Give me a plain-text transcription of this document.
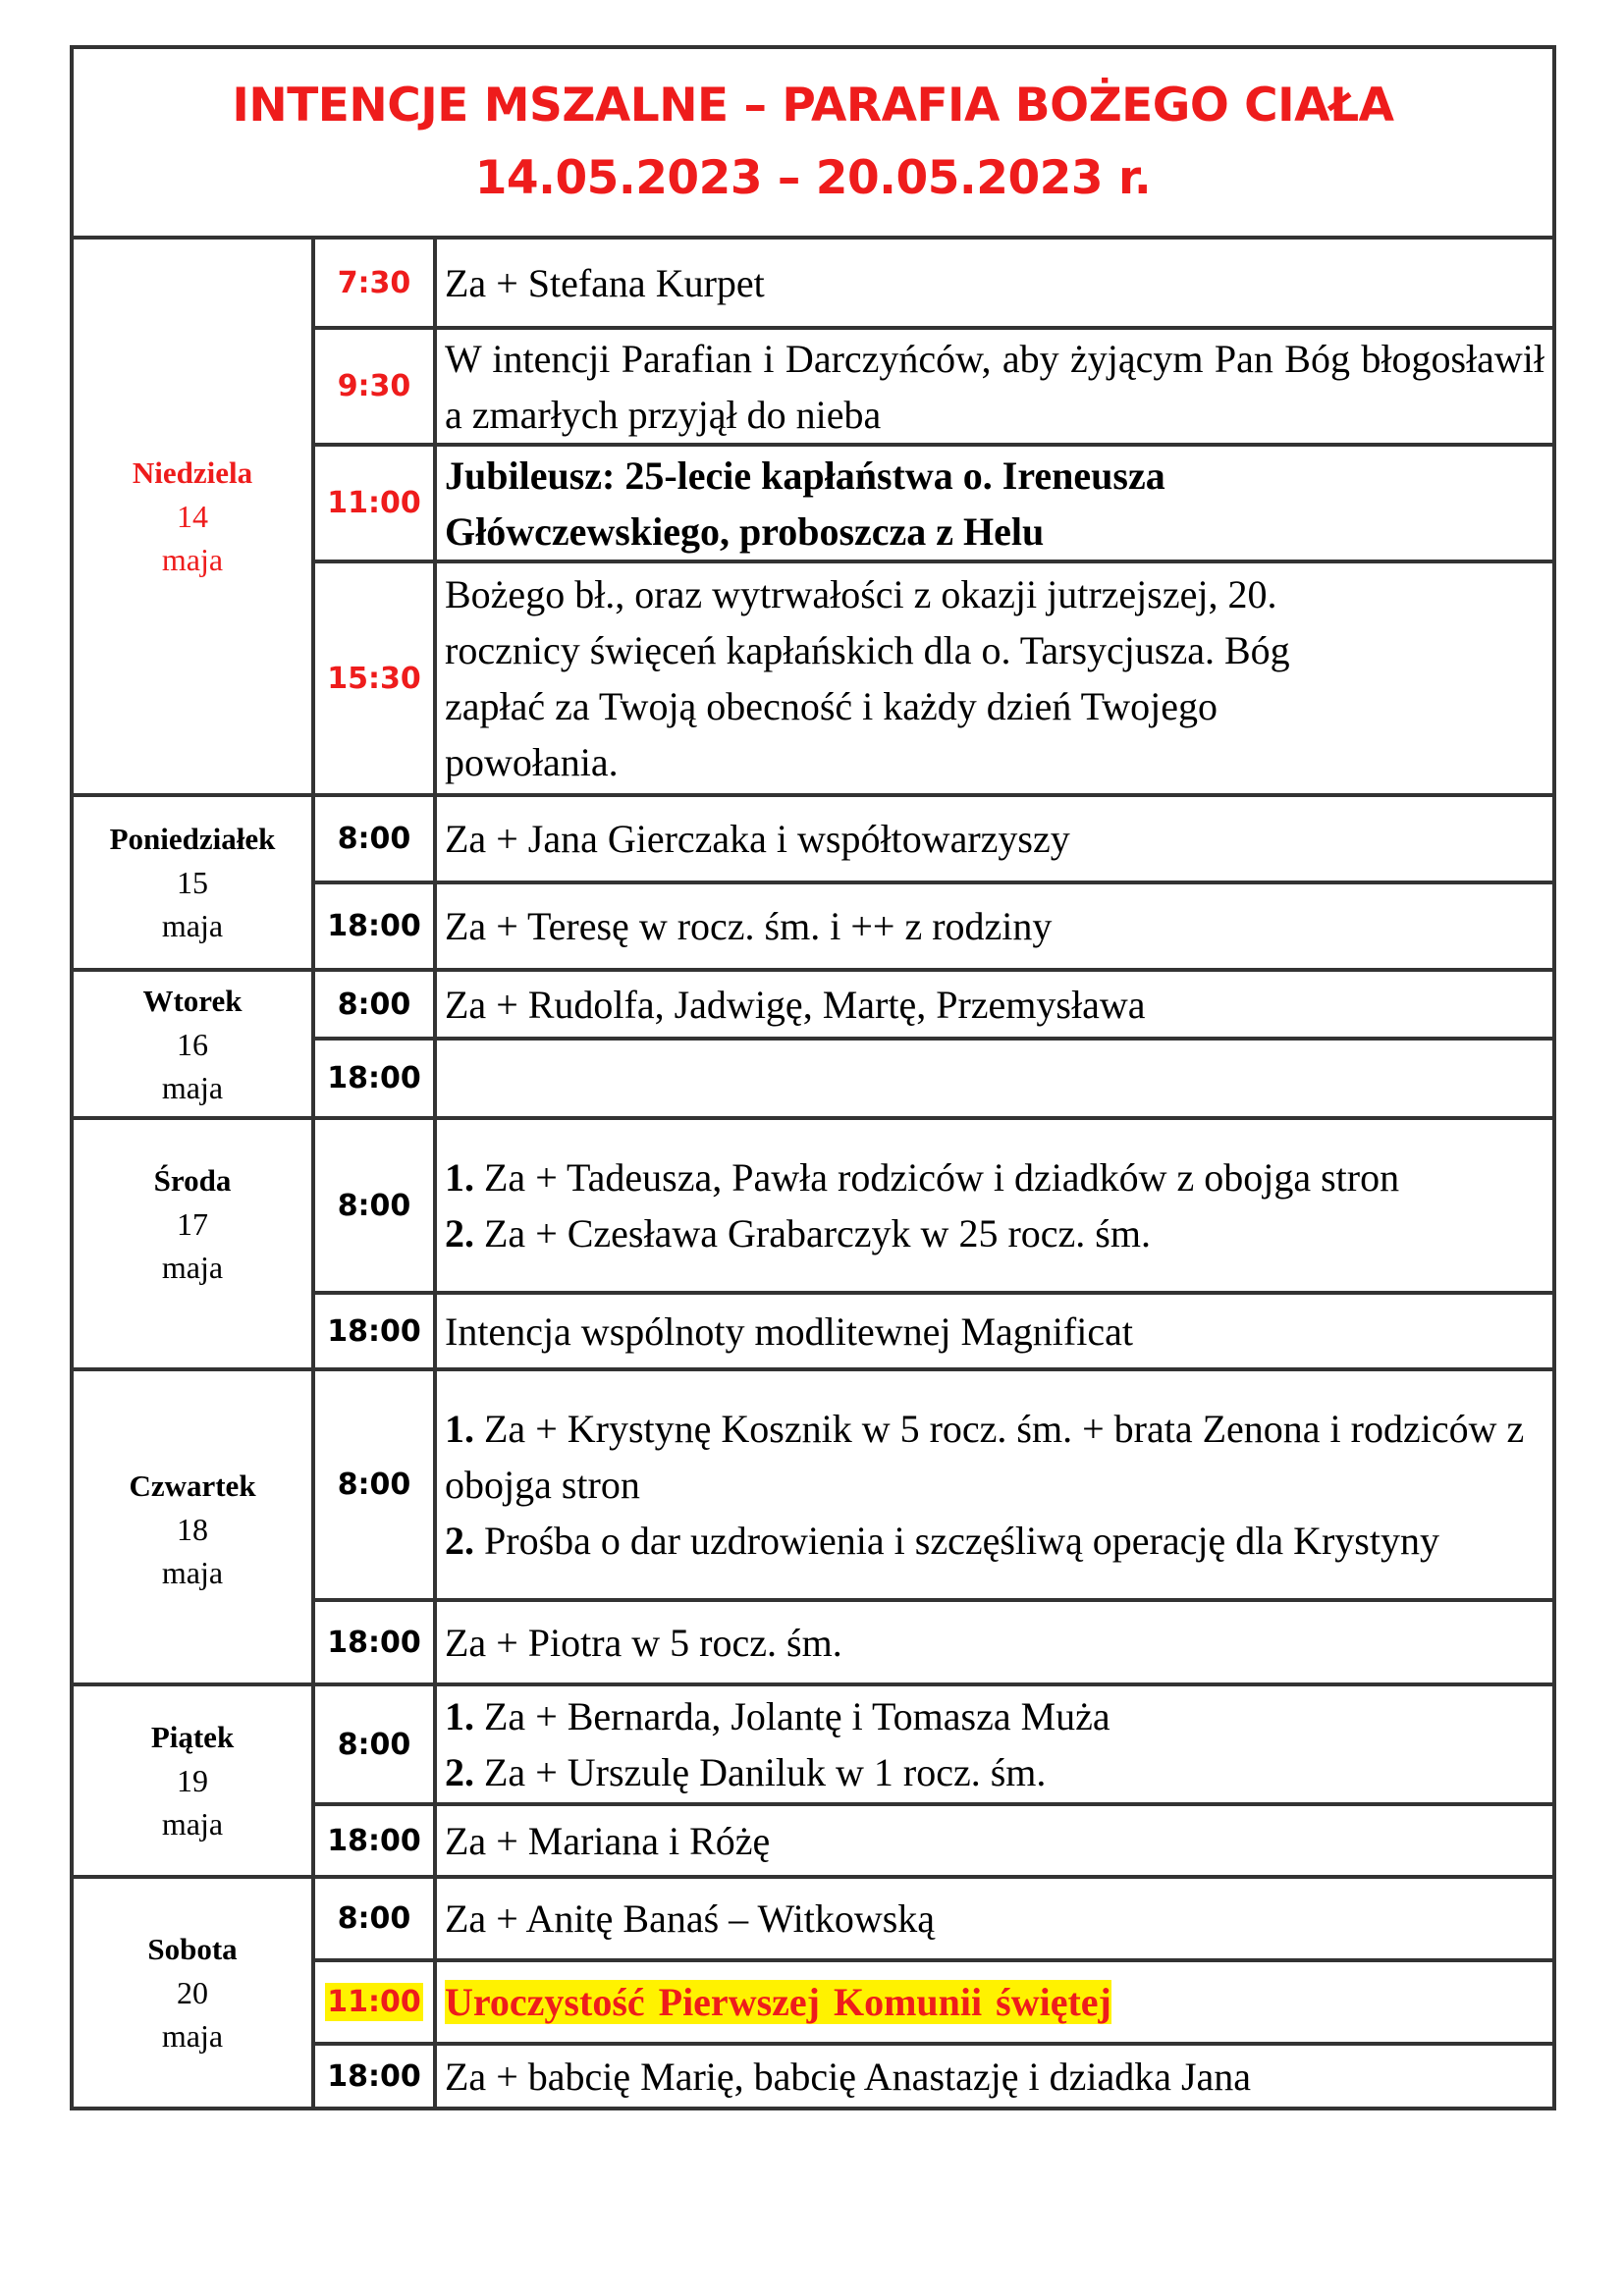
INTENCJE MSZALNE – PARAFIA BOŻEGO CIAŁA
14.05.2023 – 20.05.2023 r.		

Niedziela
14
maja	7:30	Za + Stefana Kurpet

	9:30	W intencji Parafian i Darczyńców, aby żyjącym Pan Bóg błogosławił a zmarłych przyjął do nieba

	11:00	Jubileusz: 25-lecie kapłaństwa o. Ireneusza
Główczewskiego, proboszcza z Helu

	15:30	Bożego bł., oraz wytrwałości z okazji jutrzejszej, 20.
rocznicy święceń kapłańskich dla o. Tarsycjusza. Bóg
zapłać za Twoją obecność i każdy dzień Twojego
powołania.

Poniedziałek
15
maja	8:00	Za + Jana Gierczaka i współtowarzyszy

	18:00	Za + Teresę w rocz. śm. i ++ z rodziny

Wtorek
16
maja	8:00	Za + Rudolfa, Jadwigę, Martę, Przemysława

	18:00	

Środa
17
maja	8:00	1. Za + Tadeusza, Pawła rodziców i dziadków z obojga stron
2. Za + Czesława Grabarczyk w 25 rocz. śm.

	18:00	Intencja wspólnoty modlitewnej Magnificat

Czwartek
18
maja	8:00	1. Za + Krystynę Kosznik w 5 rocz. śm. + brata Zenona i rodziców z obojga stron
2. Prośba o dar uzdrowienia i szczęśliwą operację dla Krystyny

	18:00	Za + Piotra w 5 rocz. śm.

Piątek
19
maja	8:00	1. Za + Bernarda, Jolantę i Tomasza Muża
2. Za + Urszulę Daniluk w 1 rocz. śm.

	18:00	Za + Mariana i Różę

Sobota
20
maja	8:00	Za + Anitę Banaś – Witkowską

	11:00	Uroczystość Pierwszej Komunii świętej
	18:00	Za + babcię Marię, babcię Anastazję i dziadka Jana
